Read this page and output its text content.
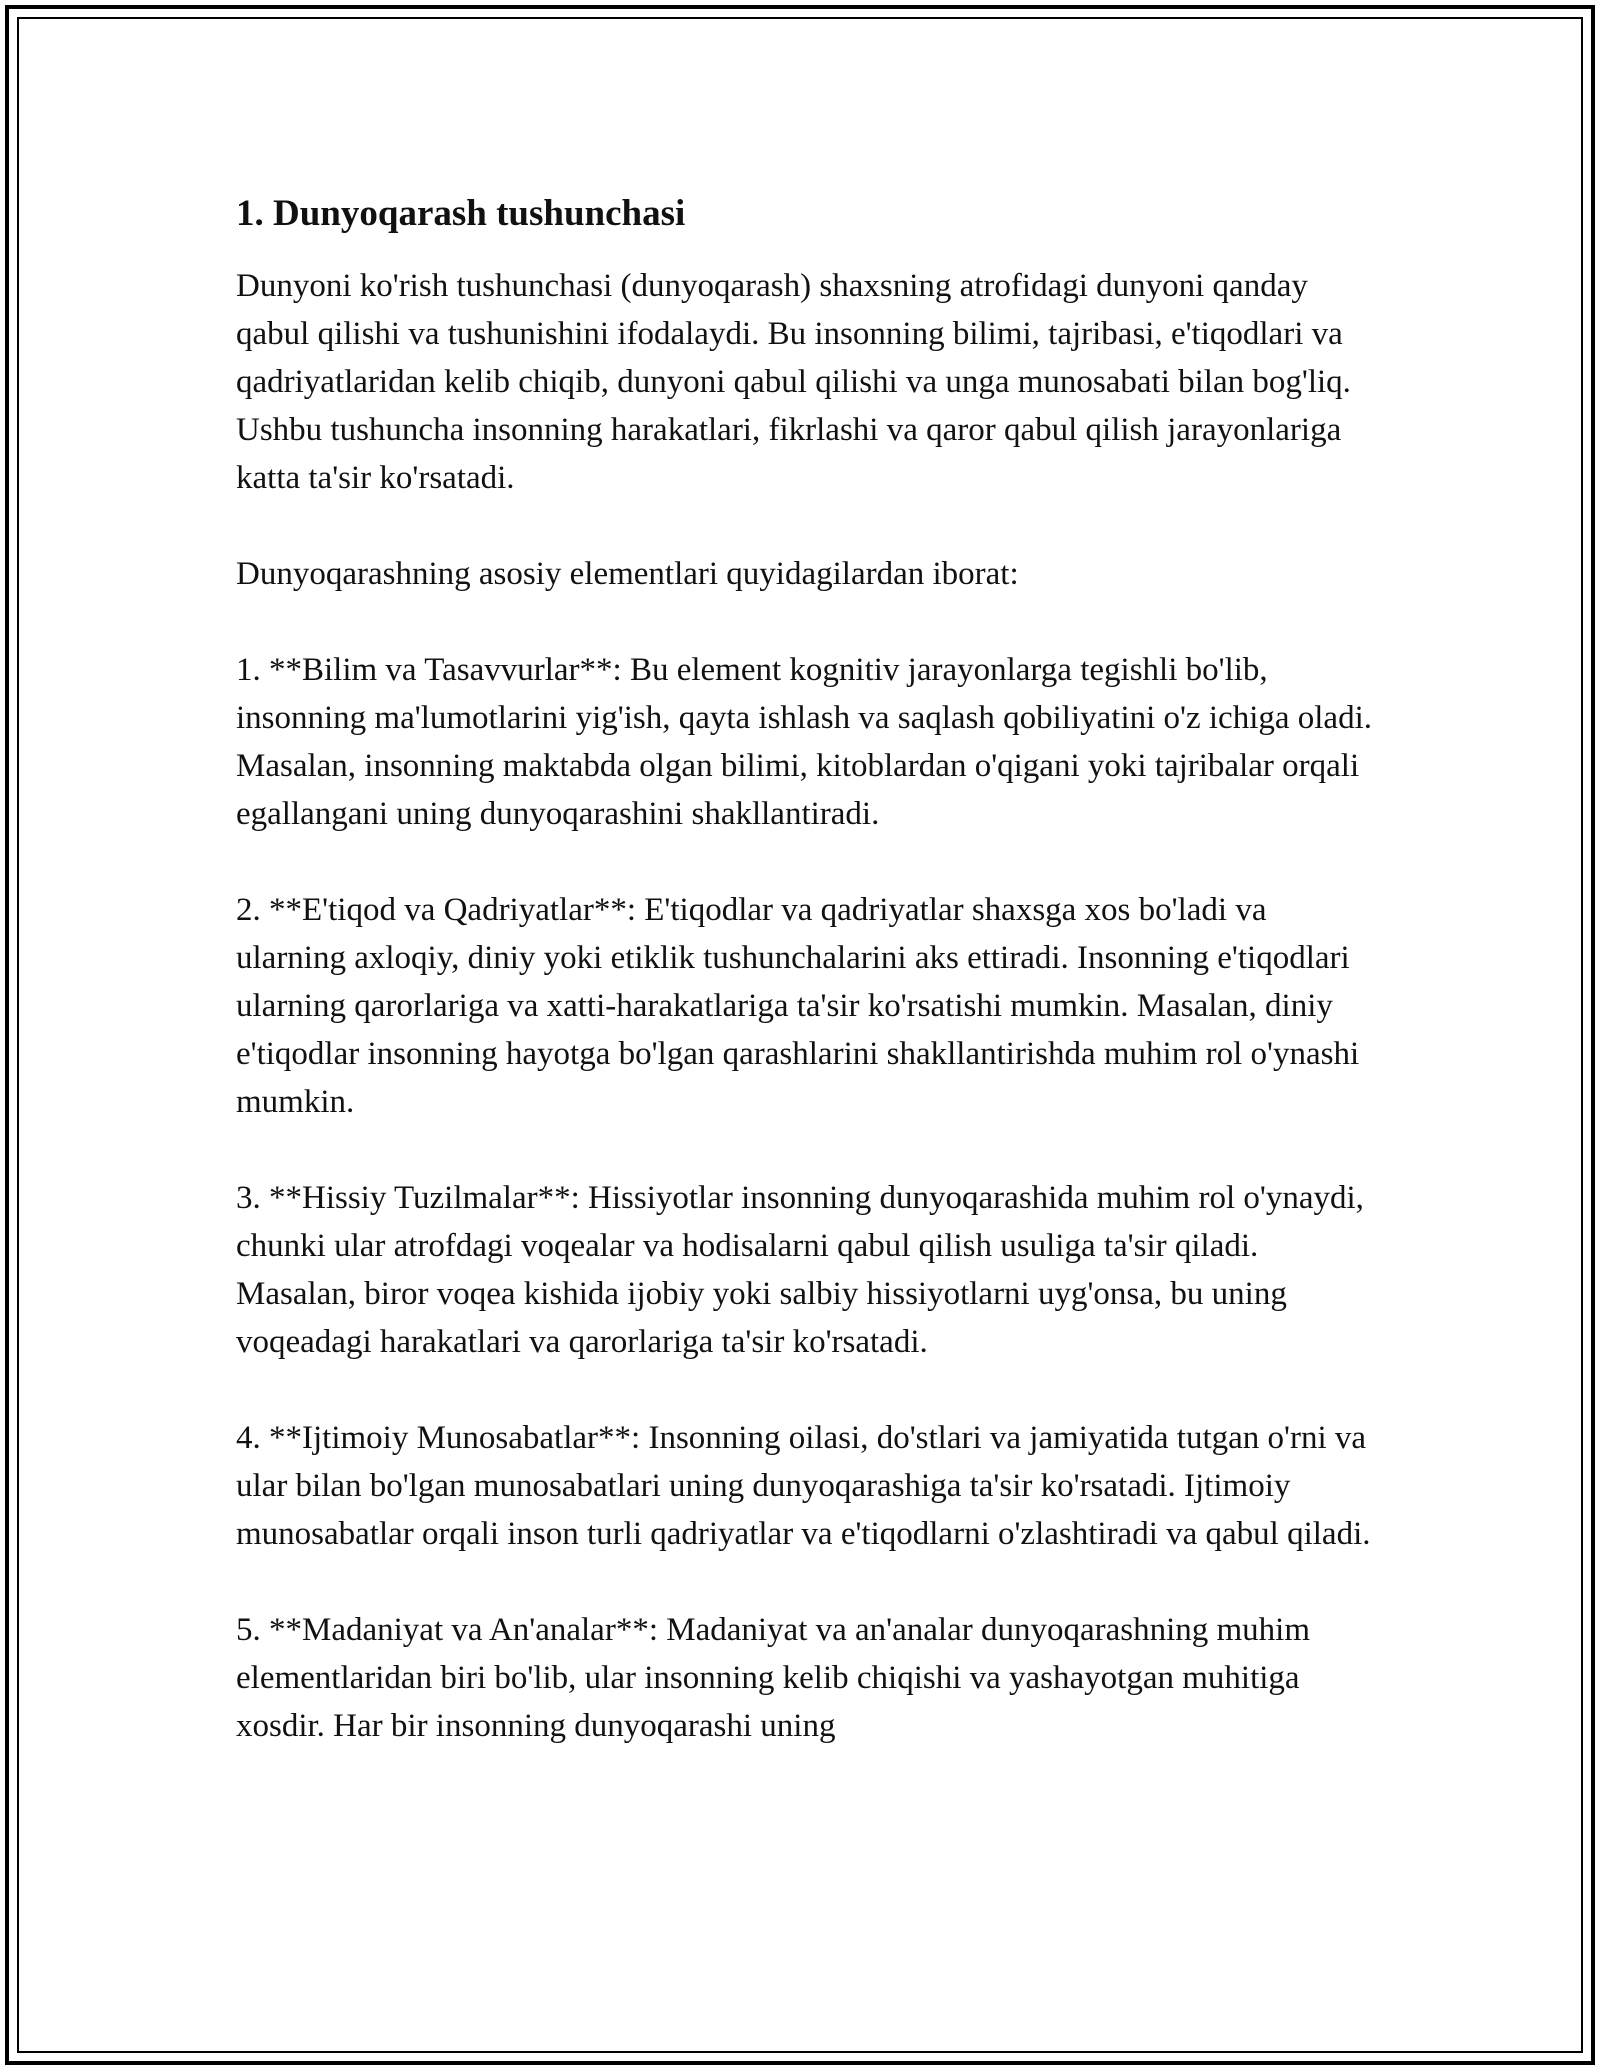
1. Dunyoqarash tushunchasi

Dunyoni ko'rish tushunchasi (dunyoqarash) shaxsning atrofidagi dunyoni qanday qabul qilishi va tushunishini ifodalaydi. Bu insonning bilimi, tajribasi, e'tiqodlari va qadriyatlaridan kelib chiqib, dunyoni qabul qilishi va unga munosabati bilan bog'liq. Ushbu tushuncha insonning harakatlari, fikrlashi va qaror qabul qilish jarayonlariga katta ta'sir ko'rsatadi.

Dunyoqarashning asosiy elementlari quyidagilardan iborat:

1. **Bilim va Tasavvurlar**: Bu element kognitiv jarayonlarga tegishli bo'lib, insonning ma'lumotlarini yig'ish, qayta ishlash va saqlash qobiliyatini o'z ichiga oladi. Masalan, insonning maktabda olgan bilimi, kitoblardan o'qigani yoki tajribalar orqali egallangani uning dunyoqarashini shakllantiradi.

2. **E'tiqod va Qadriyatlar**: E'tiqodlar va qadriyatlar shaxsga xos bo'ladi va ularning axloqiy, diniy yoki etiklik tushunchalarini aks ettiradi. Insonning e'tiqodlari ularning qarorlariga va xatti-harakatlariga ta'sir ko'rsatishi mumkin. Masalan, diniy e'tiqodlar insonning hayotga bo'lgan qarashlarini shakllantirishda muhim rol o'ynashi mumkin.

3. **Hissiy Tuzilmalar**: Hissiyotlar insonning dunyoqarashida muhim rol o'ynaydi, chunki ular atrofdagi voqealar va hodisalarni qabul qilish usuliga ta'sir qiladi. Masalan, biror voqea kishida ijobiy yoki salbiy hissiyotlarni uyg'onsa, bu uning voqeadagi harakatlari va qarorlariga ta'sir ko'rsatadi.

4. **Ijtimoiy Munosabatlar**: Insonning oilasi, do'stlari va jamiyatida tutgan o'rni va ular bilan bo'lgan munosabatlari uning dunyoqarashiga ta'sir ko'rsatadi. Ijtimoiy munosabatlar orqali inson turli qadriyatlar va e'tiqodlarni o'zlashtiradi va qabul qiladi.

5. **Madaniyat va An'analar**: Madaniyat va an'analar dunyoqarashning muhim elementlaridan biri bo'lib, ular insonning kelib chiqishi va yashayotgan muhitiga xosdir. Har bir insonning dunyoqarashi uning
